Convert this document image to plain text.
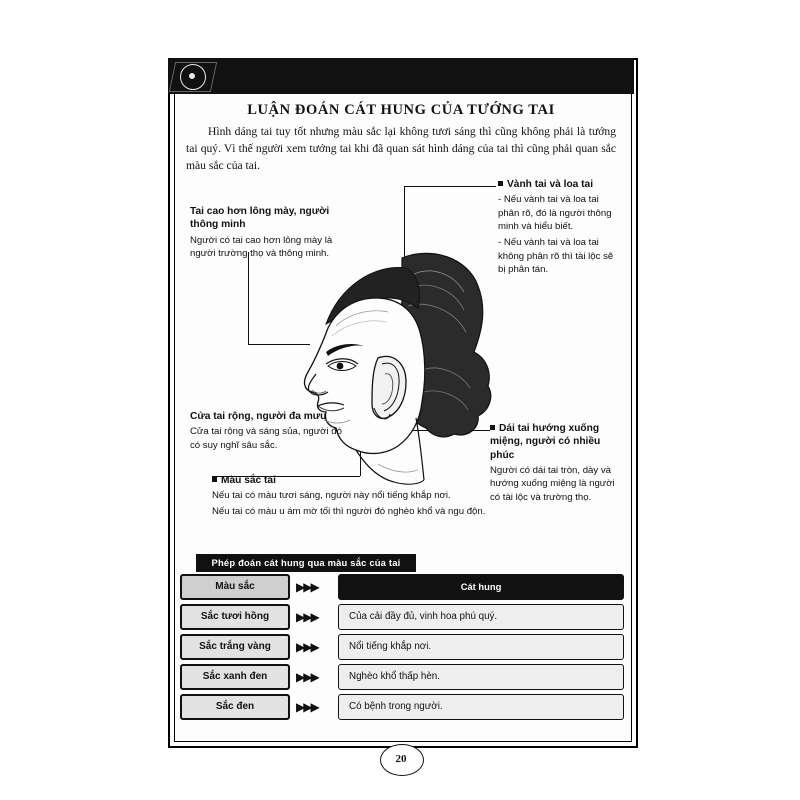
LUẬN ĐOÁN CÁT HUNG CỦA TƯỚNG TAI
Hình dáng tai tuy tốt nhưng màu sắc lại không tươi sáng thì cũng không phải là tướng tai quý. Vì thế người xem tướng tai khi đã quan sát hình dáng của tai thì cũng phải quan sắc màu sắc của tai.
Tai cao hơn lông mày, người thông minh
Người có tai cao hơn lông mày là người trường thọ và thông minh.
Cửa tai rộng, người đa mưu
Cửa tai rộng và sáng sủa, người đó có suy nghĩ sâu sắc.
Màu sắc tai

Nếu tai có màu tươi sáng, người này nổi tiếng khắp nơi.

Nếu tai có màu u ám mờ tối thì người đó nghèo khổ và ngu độn.

Vành tai và loa tai

- Nếu vành tai và loa tai phân rõ, đó là người thông minh và hiểu biết.

- Nếu vành tai và loa tai không phân rõ thì tài lộc sẽ bị phân tán.

Dái tai hướng xuống miệng, người có nhiều phúc
Người có dái tai tròn, dày và hướng xuống miệng là người có tài lộc và trường thọ.
Phép đoán cát hung qua màu sắc của tai
Màu sắc	▶▶▶	Cát hung
Sắc tươi hồng	▶▶▶	Của cải đầy đủ, vinh hoa phú quý.
Sắc trắng vàng	▶▶▶	Nổi tiếng khắp nơi.
Sắc xanh đen	▶▶▶	Nghèo khổ thấp hèn.
Sắc đen	▶▶▶	Có bệnh trong người.
20
